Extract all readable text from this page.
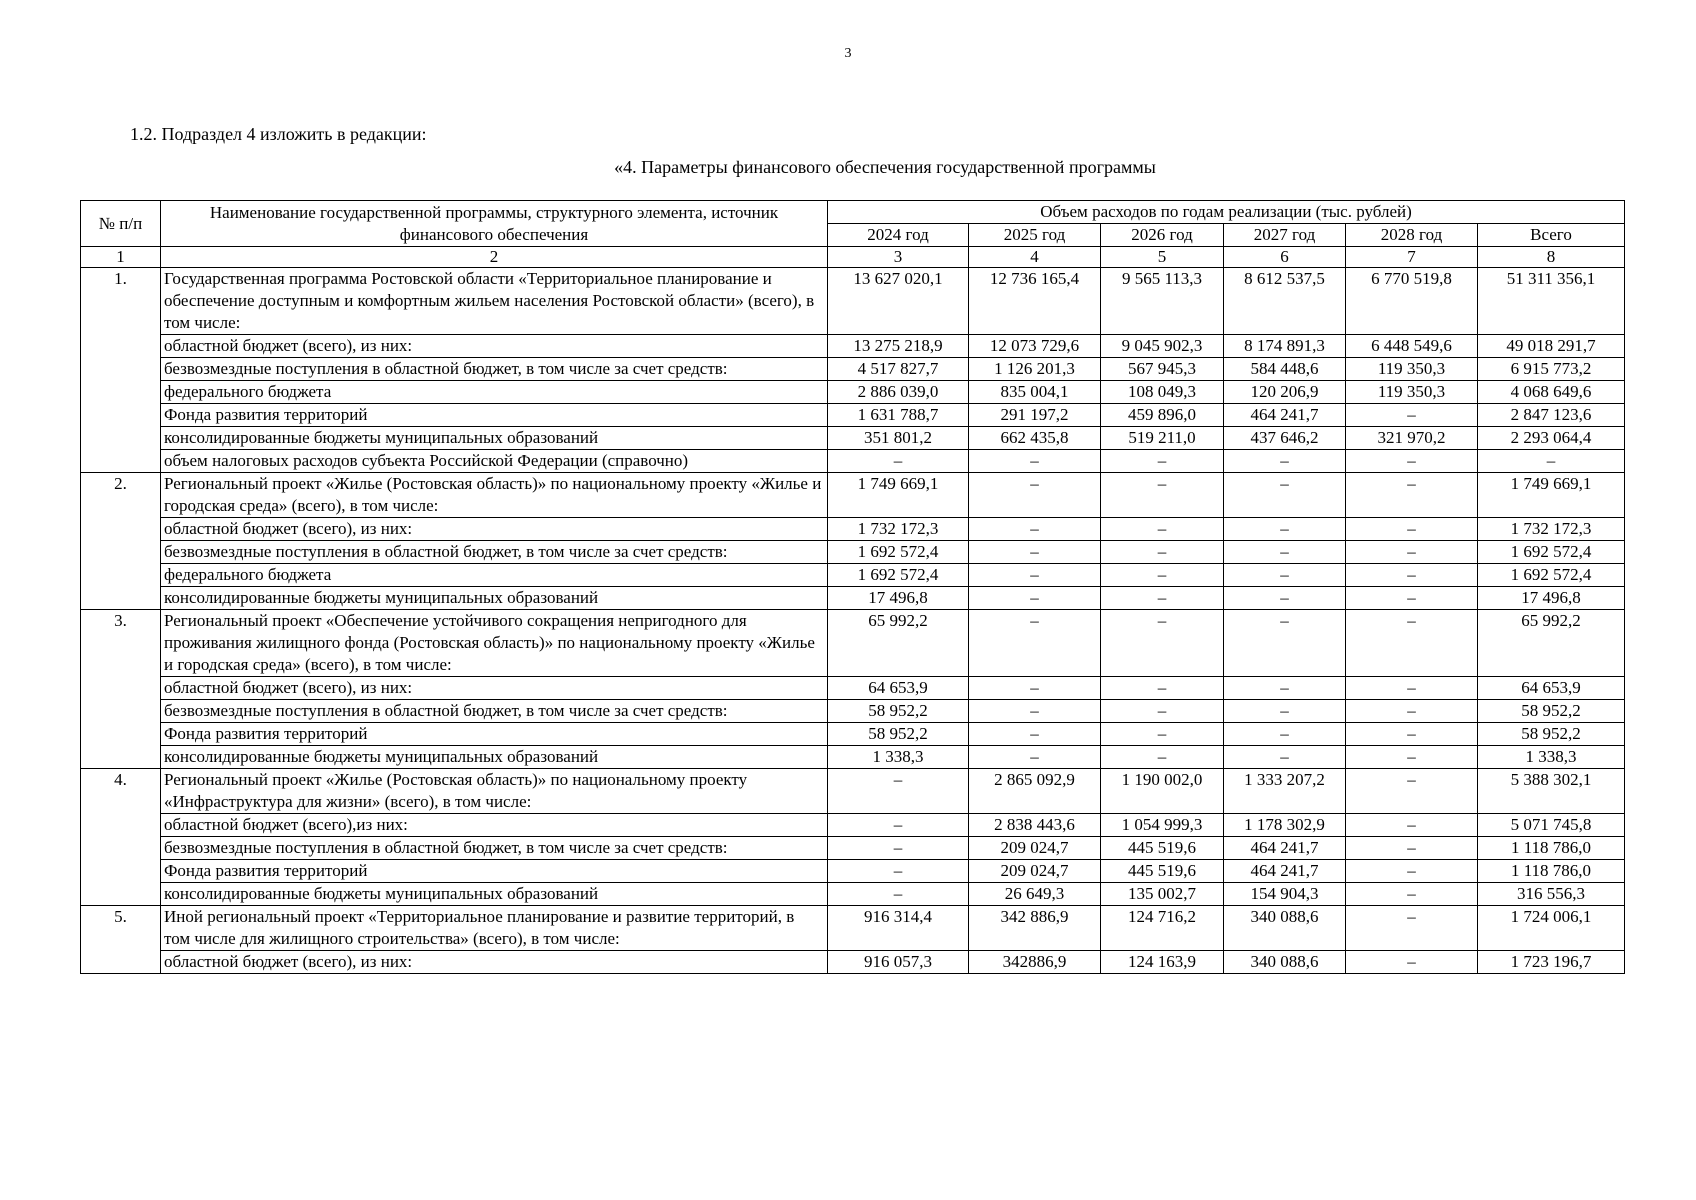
3
1.2. Подраздел 4 изложить в редакции:
«4. Параметры финансового обеспечения государственной программы
№ п/п	Наименование государственной программы, структурного элемента, источник финансового обеспечения	Объем расходов по годам реализации (тыс. рублей)					
		2024 год	2025 год	2026 год	2027 год	2028 год	Всего
1	2	3	4	5	6	7	8
1.	Государственная программа Ростовской области «Территориальное планирование и обеспечение доступным и комфортным жильем населения Ростовской области» (всего), в том числе:	13 627 020,1	12 736 165,4	9 565 113,3	8 612 537,5	6 770 519,8	51 311 356,1
	областной бюджет (всего), из них:	13 275 218,9	12 073 729,6	9 045 902,3	8 174 891,3	6 448 549,6	49 018 291,7
	безвозмездные поступления в областной бюджет, в том числе за счет средств:	4 517 827,7	1 126 201,3	567 945,3	584 448,6	119 350,3	6 915 773,2
	федерального бюджета	2 886 039,0	835 004,1	108 049,3	120 206,9	119 350,3	4 068 649,6
	Фонда развития территорий	1 631 788,7	291 197,2	459 896,0	464 241,7	–	2 847 123,6
	консолидированные бюджеты муниципальных образований	351 801,2	662 435,8	519 211,0	437 646,2	321 970,2	2 293 064,4
	объем налоговых расходов субъекта Российской Федерации (справочно)	–	–	–	–	–	–
2.	Региональный проект «Жилье (Ростовская область)» по национальному проекту «Жилье и городская среда» (всего), в том числе:	1 749 669,1	–	–	–	–	1 749 669,1
	областной бюджет (всего), из них:	1 732 172,3	–	–	–	–	1 732 172,3
	безвозмездные поступления в областной бюджет, в том числе за счет средств:	1 692 572,4	–	–	–	–	1 692 572,4
	федерального бюджета	1 692 572,4	–	–	–	–	1 692 572,4
	консолидированные бюджеты муниципальных образований	17 496,8	–	–	–	–	17 496,8
3.	Региональный проект «Обеспечение устойчивого сокращения непригодного для проживания жилищного фонда (Ростовская область)» по национальному проекту «Жилье и городская среда» (всего), в том числе:	65 992,2	–	–	–	–	65 992,2
	областной бюджет (всего), из них:	64 653,9	–	–	–	–	64 653,9
	безвозмездные поступления в областной бюджет, в том числе за счет средств:	58 952,2	–	–	–	–	58 952,2
	Фонда развития территорий	58 952,2	–	–	–	–	58 952,2
	консолидированные бюджеты муниципальных образований	1 338,3	–	–	–	–	1 338,3
4.	Региональный проект «Жилье (Ростовская область)» по национальному проекту «Инфраструктура для жизни» (всего), в том числе:	–	2 865 092,9	1 190 002,0	1 333 207,2	–	5 388 302,1
	областной бюджет (всего),из них:	–	2 838 443,6	1 054 999,3	1 178 302,9	–	5 071 745,8
	безвозмездные поступления в областной бюджет, в том числе за счет средств:	–	209 024,7	445 519,6	464 241,7	–	1 118 786,0
	Фонда развития территорий	–	209 024,7	445 519,6	464 241,7	–	1 118 786,0
	консолидированные бюджеты муниципальных образований	–	26 649,3	135 002,7	154 904,3	–	316 556,3
5.	Иной региональный проект «Территориальное планирование и развитие территорий, в том числе для жилищного строительства» (всего), в том числе:	916 314,4	342 886,9	124 716,2	340 088,6	–	1 724 006,1
	областной бюджет (всего), из них:	916 057,3	342886,9	124 163,9	340 088,6	–	1 723 196,7
